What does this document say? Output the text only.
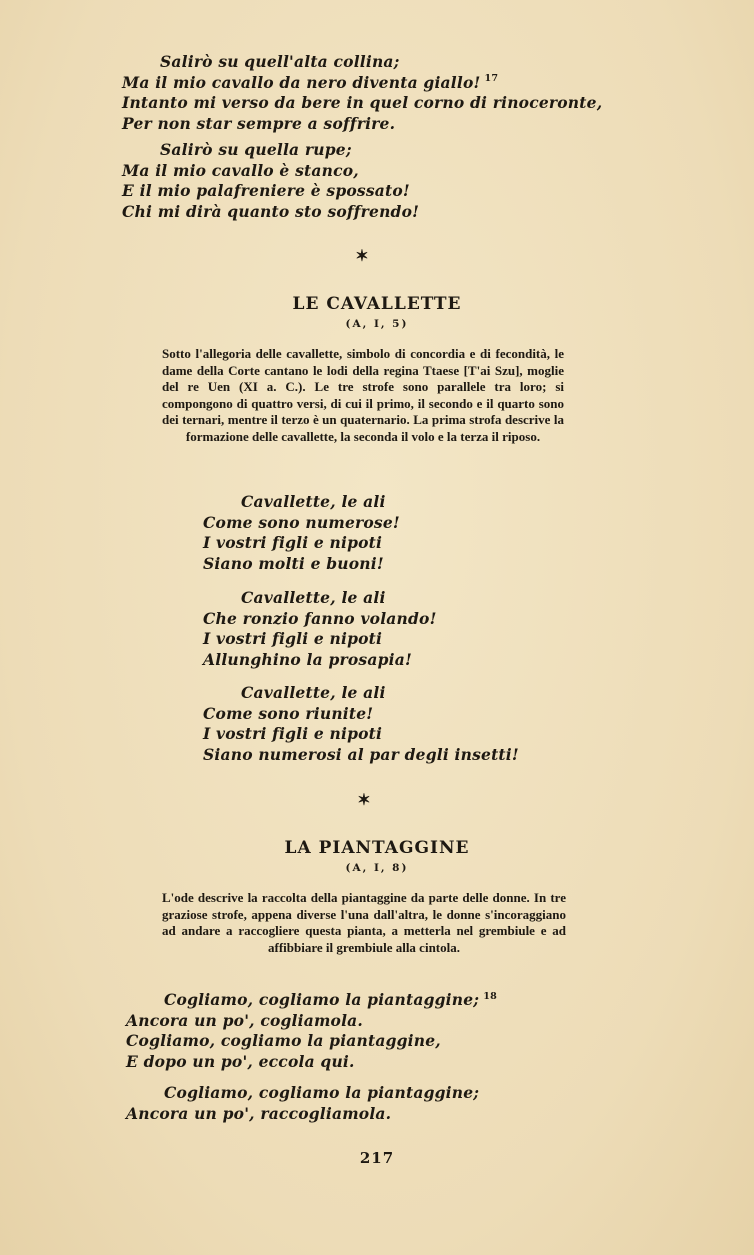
Salirò su quell'alta collina;
Ma il mio cavallo da nero diventa giallo! $^{17}$
Intanto mi verso da bere in quel corno di rinoceronte,
Per non star sempre a soffrire.
Salirò su quella rupe;
Ma il mio cavallo è stanco,
E il mio palafreniere è spossato!
Chi mi dirà quanto sto soffrendo!
✶
LE CAVALLETTE
(A, I, 5)

Sotto l'allegoria delle cavallette, simbolo di concordia e di fecondità, le dame della Corte cantano le lodi della regina Ttaese [T'ai Szu], moglie del re Uen (XI a. C.). Le tre strofe sono parallele tra loro; si compongono di quattro versi, di cui il primo, il secondo e il quarto sono dei ternari, mentre il terzo è un quaternario. La prima strofa descrive la formazione delle cavallette, la seconda il volo e la terza il riposo.

Cavallette, le ali
Come sono numerose!
I vostri figli e nipoti
Siano molti e buoni!
Cavallette, le ali
Che ronzio fanno volando!
I vostri figli e nipoti
Allunghino la prosapia!
Cavallette, le ali
Come sono riunite!
I vostri figli e nipoti
Siano numerosi al par degli insetti!
✶
LA PIANTAGGINE
(A, I, 8)

L'ode descrive la raccolta della piantaggine da parte delle donne. In tre graziose strofe, appena diverse l'una dall'altra, le donne s'incoraggiano ad andare a raccogliere questa pianta, a metterla nel grembiule e ad affibbiare il grembiule alla cintola.

Cogliamo, cogliamo la piantaggine; $^{18}$
Ancora un po', cogliamola.
Cogliamo, cogliamo la piantaggine,
E dopo un po', eccola qui.
Cogliamo, cogliamo la piantaggine;
Ancora un po', raccogliamola.
217
